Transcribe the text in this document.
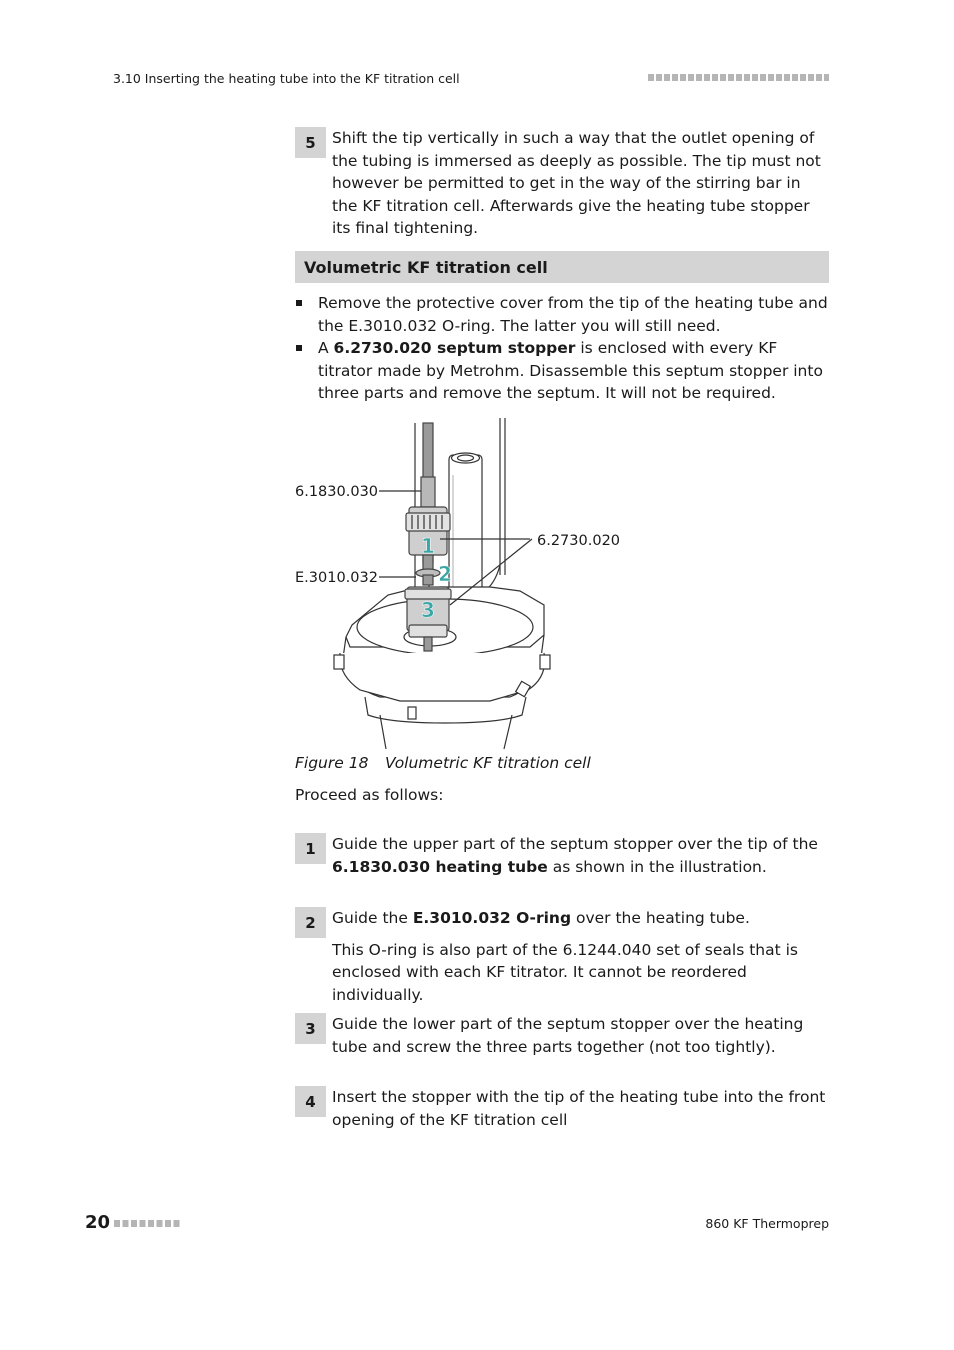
3.10 Inserting the heating tube into the KF titration cell
5	Shift the tip vertically in such a way that the outlet opening of the tubing is immersed as deeply as possible. The tip must not however be permitted to get in the way of the stirring bar in the KF titration cell. Afterwards give the heating tube stopper its final tightening.

Volumetric KF titration cell
Remove the protective cover from the tip of the heating tube and the E.3010.032 O-ring. The latter you will still need.
A 6.2730.020 septum stopper is enclosed with every KF titrator made by Metrohm. Disassemble this septum stopper into three parts and remove the septum. It will not be required.
1
2
3
6.1830.030
6.2730.020
E.3010.032
Figure 18 Volumetric KF titration cell
Proceed as follows:
1	Guide the upper part of the septum stopper over the tip of the 6.1830.030 heating tube as shown in the illustration.

2	Guide the E.3010.032 O-ring over the heating tube.

This O-ring is also part of the 6.1244.040 set of seals that is enclosed with each KF titrator. It cannot be reordered individually.

3	Guide the lower part of the septum stopper over the heating tube and screw the three parts together (not too tightly).

4	Insert the stopper with the tip of the heating tube into the front opening of the KF titration cell

20	860 KF Thermoprep
